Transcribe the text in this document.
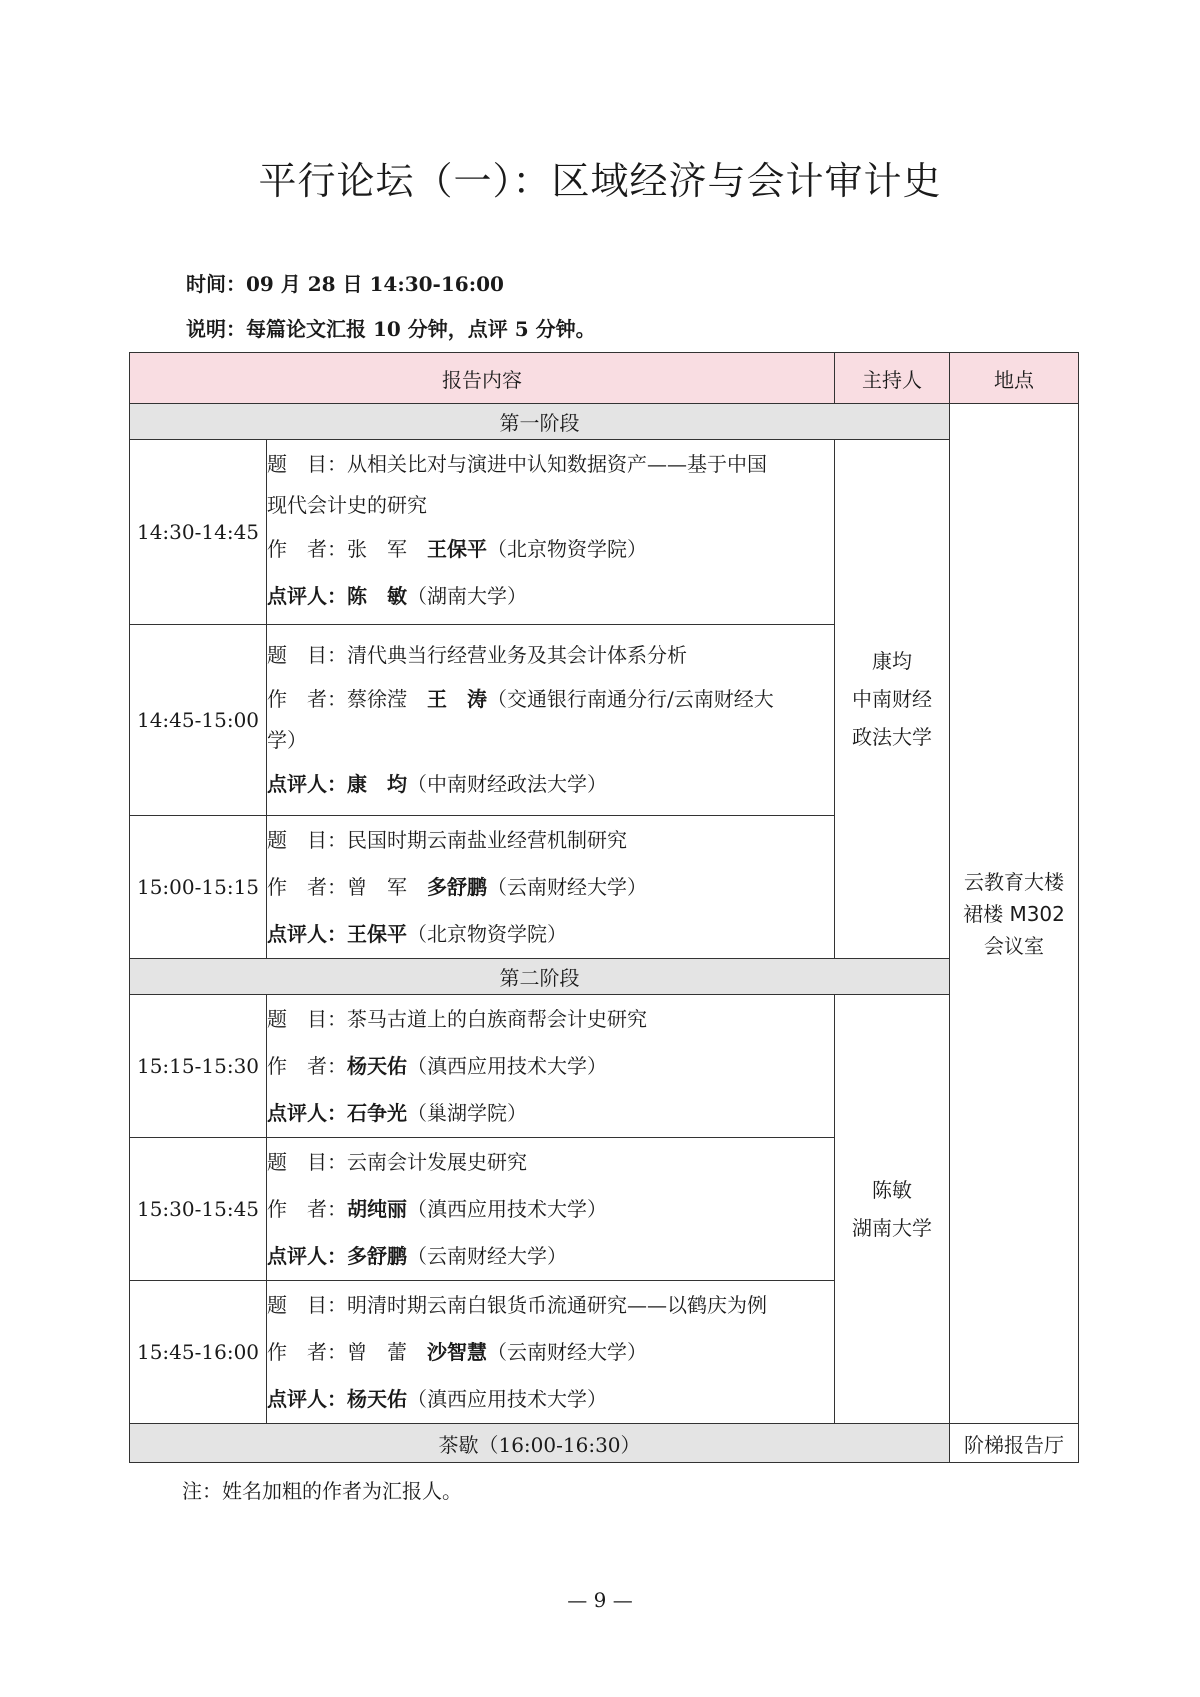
平行论坛（一）：区域经济与会计审计史
时间：09 月 28 日 14:30-16:00
说明：每篇论文汇报 10 分钟，点评 5 分钟。
报告内容		主持人	地点
第一阶段			云教育大楼
裙楼 M302
会议室

14:30-14:45	题　目：从相关比对与演进中认知数据资产——基于中国
现代会计史的研究
作　者：张　军　王保平（北京物资学院）
点评人：陈　敏（湖南大学）	康均
中南财经
政法大学	

14:45-15:00	题　目：清代典当行经营业务及其会计体系分析
作　者：蔡徐滢　王　涛（交通银行南通分行/云南财经大
学）
点评人：康　均（中南财经政法大学）		

15:00-15:15	题　目：民国时期云南盐业经营机制研究
作　者：曾　军　多舒鹏（云南财经大学）
点评人：王保平（北京物资学院）		

第二阶段			
15:15-15:30	题　目：茶马古道上的白族商帮会计史研究
作　者：杨天佑（滇西应用技术大学）
点评人：石争光（巢湖学院）	陈敏
湖南大学	

15:30-15:45	题　目：云南会计发展史研究
作　者：胡纯丽（滇西应用技术大学）
点评人：多舒鹏（云南财经大学）		

15:45-16:00	题　目：明清时期云南白银货币流通研究——以鹤庆为例
作　者：曾　蕾　沙智慧（云南财经大学）
点评人：杨天佑（滇西应用技术大学）		

茶歇（16:00-16:30）			阶梯报告厅
注：姓名加粗的作者为汇报人。
— 9 —
